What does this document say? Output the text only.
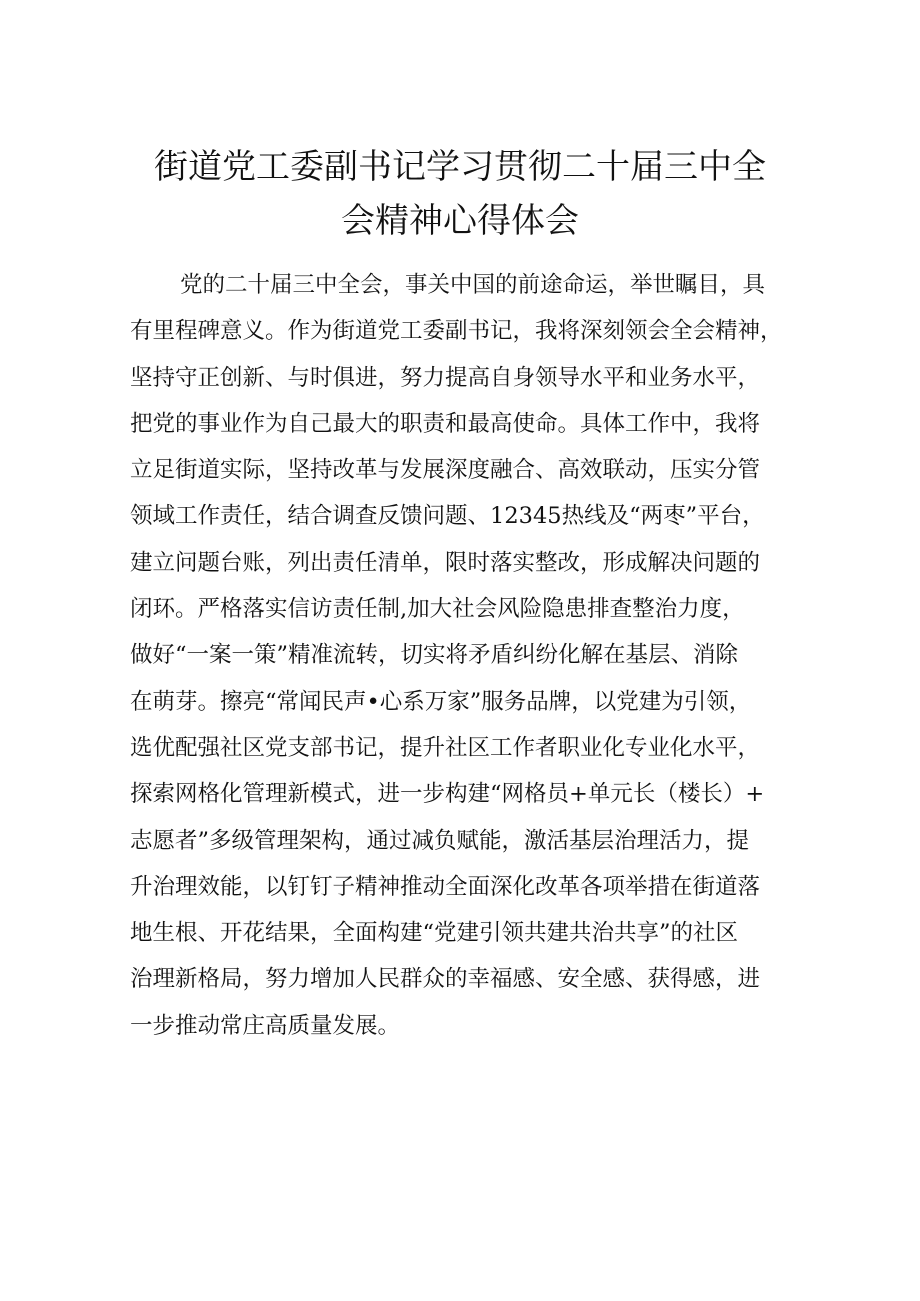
街道党工委副书记学习贯彻二十届三中全
会精神心得体会
党的二十届三中全会，事关中国的前途命运，举世瞩目，具
有里程碑意义。作为街道党工委副书记，我将深刻领会全会精神，
坚持守正创新、与时俱进，努力提高自身领导水平和业务水平，
把党的事业作为自己最大的职责和最高使命。具体工作中，我将
立足街道实际，坚持改革与发展深度融合、高效联动，压实分管
领域工作责任，结合调查反馈问题、12345热线及“两枣”平台，
建立问题台账，列出责任清单，限时落实整改，形成解决问题的
闭环。严格落实信访责任制,加大社会风险隐患排查整治力度，
做好“一案一策”精准流转，切实将矛盾纠纷化解在基层、消除
在萌芽。擦亮“常闻民声•心系万家”服务品牌，以党建为引领，
选优配强社区党支部书记，提升社区工作者职业化专业化水平，
探索网格化管理新模式，进一步构建“网格员+单元长（楼长）+
志愿者”多级管理架构，通过减负赋能，激活基层治理活力，提
升治理效能，以钉钉子精神推动全面深化改革各项举措在街道落
地生根、开花结果，全面构建“党建引领共建共治共享”的社区
治理新格局，努力增加人民群众的幸福感、安全感、获得感，进
一步推动常庄高质量发展。
